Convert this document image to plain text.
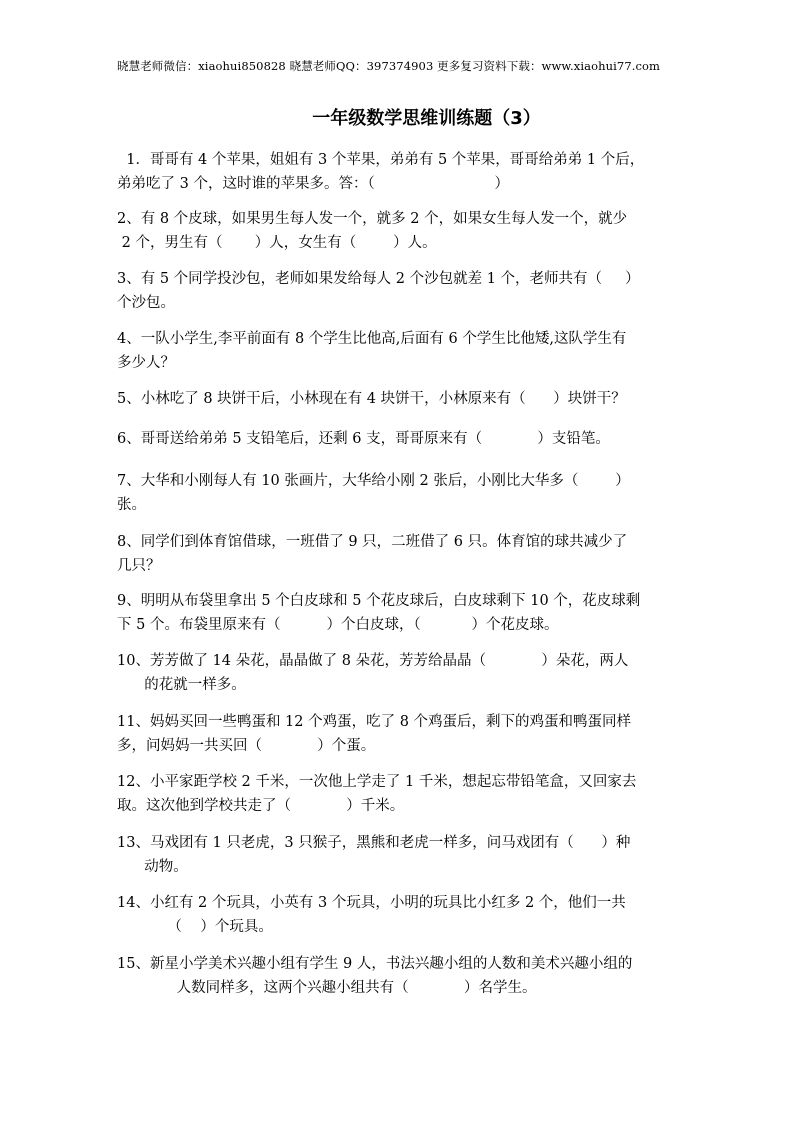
晓慧老师微信：xiaohui850828 晓慧老师QQ：397374903 更多复习资料下载：www.xiaohui77.com
一年级数学思维训练题（3）
1．哥哥有 4 个苹果，姐姐有 3 个苹果，弟弟有 5 个苹果，哥哥给弟弟 1 个后，
弟弟吃了 3 个，这时谁的苹果多。答：（                          ）
2、有 8 个皮球，如果男生每人发一个，就多 2 个，如果女生每人发一个，就少
2 个，男生有（       ）人，女生有（        ）人。
3、有 5 个同学投沙包，老师如果发给每人 2 个沙包就差 1 个，老师共有（     ）
个沙包。
4、一队小学生,李平前面有 8 个学生比他高,后面有 6 个学生比他矮,这队学生有
多少人？
5、小林吃了 8 块饼干后，小林现在有 4 块饼干，小林原来有（      ）块饼干？
6、哥哥送给弟弟 5 支铅笔后，还剩 6 支，哥哥原来有（            ）支铅笔。
7、大华和小刚每人有 10 张画片，大华给小刚 2 张后，小刚比大华多（        ）
张。
8、同学们到体育馆借球，一班借了 9 只，二班借了 6 只。体育馆的球共减少了
几只？
9、明明从布袋里拿出 5 个白皮球和 5 个花皮球后，白皮球剩下 10 个，花皮球剩
下 5 个。布袋里原来有（          ）个白皮球，（           ）个花皮球。
10、芳芳做了 14 朵花，晶晶做了 8 朵花，芳芳给晶晶（            ）朵花，两人
的花就一样多。
11、妈妈买回一些鸭蛋和 12 个鸡蛋，吃了 8 个鸡蛋后，剩下的鸡蛋和鸭蛋同样
多，问妈妈一共买回（            ）个蛋。
12、小平家距学校 2 千米，一次他上学走了 1 千米，想起忘带铅笔盒，又回家去
取。这次他到学校共走了（            ）千米。
13、马戏团有 1 只老虎，3 只猴子，黑熊和老虎一样多，问马戏团有（      ）种
动物。
14、小红有 2 个玩具，小英有 3 个玩具，小明的玩具比小红多 2 个，他们一共
（    ）个玩具。
15、新星小学美术兴趣小组有学生 9 人，书法兴趣小组的人数和美术兴趣小组的
人数同样多，这两个兴趣小组共有（            ）名学生。
